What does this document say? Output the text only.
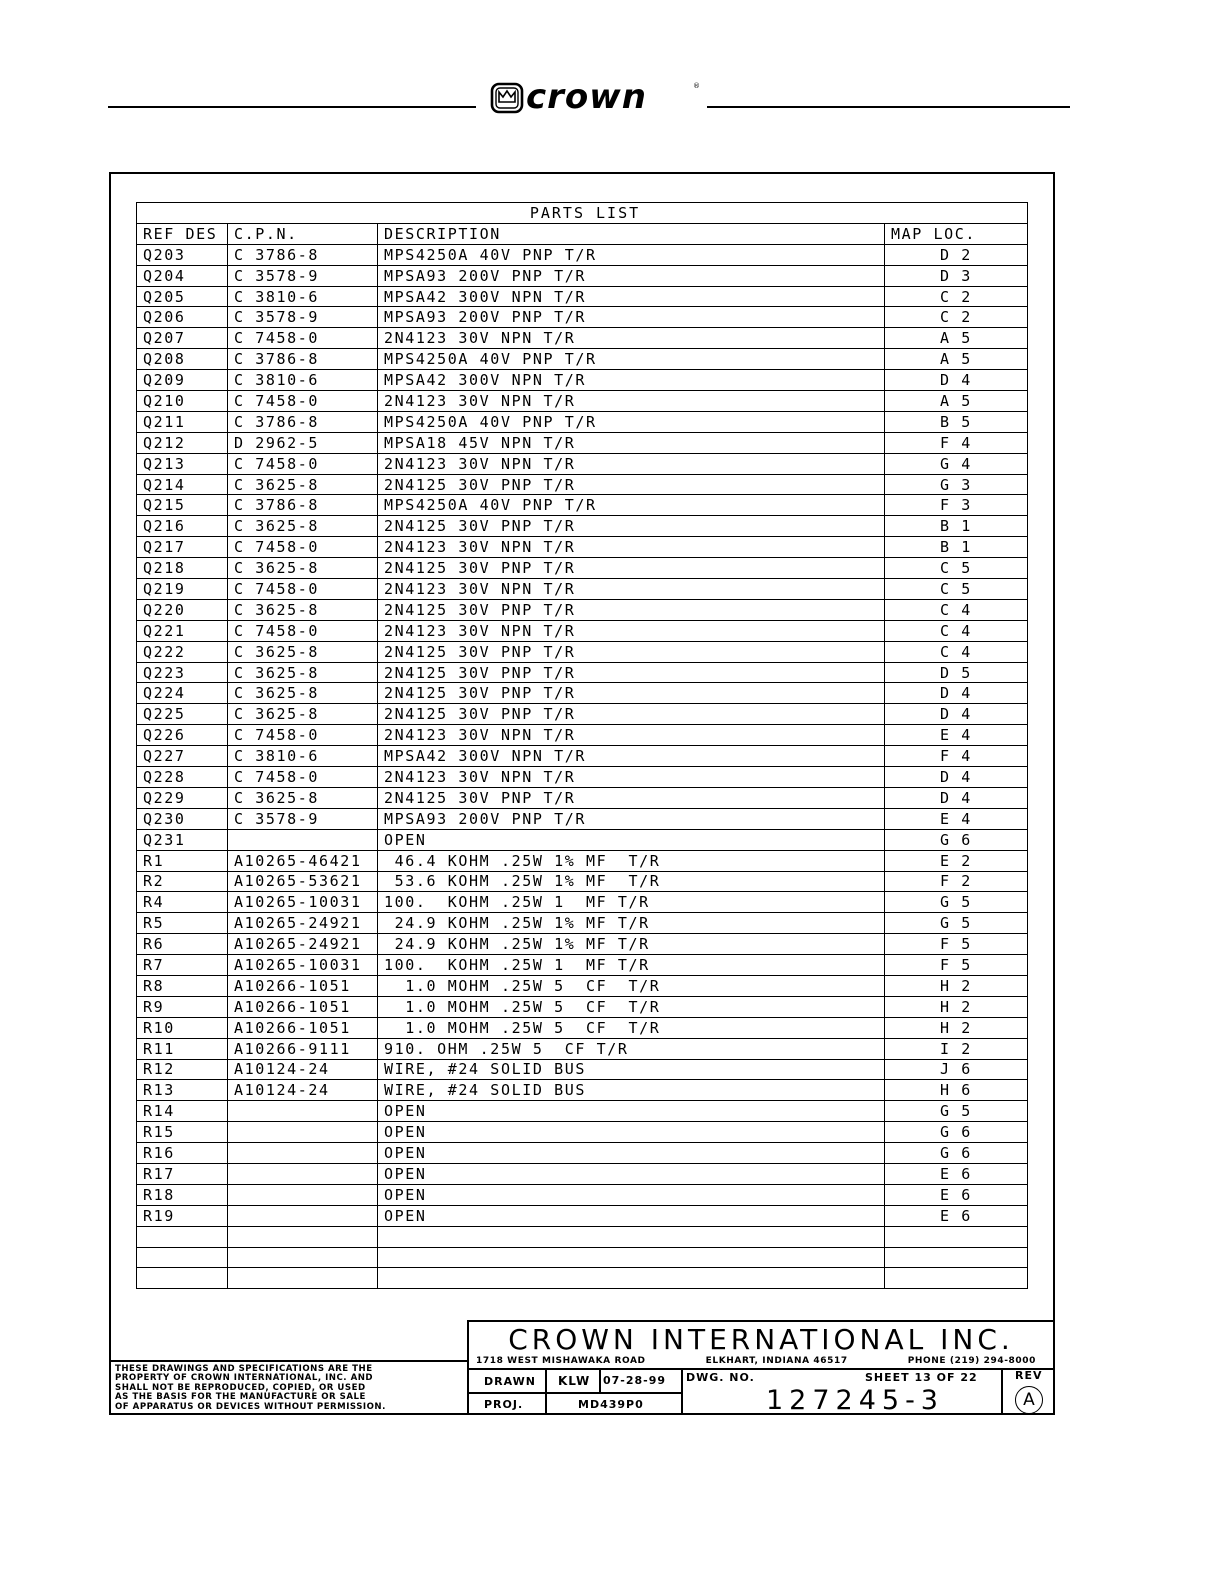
crown	®
PARTS LIST			
REF DES	C.P.N.	DESCRIPTION	MAP LOC.
Q203	C 3786-8	MPS4250A 40V PNP T/R	D 2
Q204	C 3578-9	MPSA93 200V PNP T/R	D 3
Q205	C 3810-6	MPSA42 300V NPN T/R	C 2
Q206	C 3578-9	MPSA93 200V PNP T/R	C 2
Q207	C 7458-0	2N4123 30V NPN T/R	A 5
Q208	C 3786-8	MPS4250A 40V PNP T/R	A 5
Q209	C 3810-6	MPSA42 300V NPN T/R	D 4
Q210	C 7458-0	2N4123 30V NPN T/R	A 5
Q211	C 3786-8	MPS4250A 40V PNP T/R	B 5
Q212	D 2962-5	MPSA18 45V NPN T/R	F 4
Q213	C 7458-0	2N4123 30V NPN T/R	G 4
Q214	C 3625-8	2N4125 30V PNP T/R	G 3
Q215	C 3786-8	MPS4250A 40V PNP T/R	F 3
Q216	C 3625-8	2N4125 30V PNP T/R	B 1
Q217	C 7458-0	2N4123 30V NPN T/R	B 1
Q218	C 3625-8	2N4125 30V PNP T/R	C 5
Q219	C 7458-0	2N4123 30V NPN T/R	C 5
Q220	C 3625-8	2N4125 30V PNP T/R	C 4
Q221	C 7458-0	2N4123 30V NPN T/R	C 4
Q222	C 3625-8	2N4125 30V PNP T/R	C 4
Q223	C 3625-8	2N4125 30V PNP T/R	D 5
Q224	C 3625-8	2N4125 30V PNP T/R	D 4
Q225	C 3625-8	2N4125 30V PNP T/R	D 4
Q226	C 7458-0	2N4123 30V NPN T/R	E 4
Q227	C 3810-6	MPSA42 300V NPN T/R	F 4
Q228	C 7458-0	2N4123 30V NPN T/R	D 4
Q229	C 3625-8	2N4125 30V PNP T/R	D 4
Q230	C 3578-9	MPSA93 200V PNP T/R	E 4
Q231		OPEN	G 6
R1	A10265-46421	46.4 KOHM .25W 1% MF  T/R	E 2
R2	A10265-53621	53.6 KOHM .25W 1% MF  T/R	F 2
R4	A10265-10031	100.  KOHM .25W 1  MF T/R	G 5
R5	A10265-24921	24.9 KOHM .25W 1% MF T/R	G 5
R6	A10265-24921	24.9 KOHM .25W 1% MF T/R	F 5
R7	A10265-10031	100.  KOHM .25W 1  MF T/R	F 5
R8	A10266-1051	1.0 MOHM .25W 5  CF  T/R	H 2
R9	A10266-1051	1.0 MOHM .25W 5  CF  T/R	H 2
R10	A10266-1051	1.0 MOHM .25W 5  CF  T/R	H 2
R11	A10266-9111	910. OHM .25W 5  CF T/R	I 2
R12	A10124-24	WIRE, #24 SOLID BUS	J 6
R13	A10124-24	WIRE, #24 SOLID BUS	H 6
R14		OPEN	G 5
R15		OPEN	G 6
R16		OPEN	G 6
R17		OPEN	E 6
R18		OPEN	E 6
R19		OPEN	E 6

THESE DRAWINGS AND SPECIFICATIONS ARE THE
PROPERTY OF CROWN INTERNATIONAL, INC. AND
SHALL NOT BE REPRODUCED, COPIED, OR USED
AS THE BASIS FOR THE MANUFACTURE OR SALE
OF APPARATUS OR DEVICES WITHOUT PERMISSION.
CROWN INTERNATIONAL INC.
1718 WEST MISHAWAKA ROAD	ELKHART, INDIANA 46517	PHONE (219) 294-8000
DRAWN KLW 07-28-99 DWG. NO.	SHEET 13 OF 22	REV
A
PROJ.	MD439P0	127245-3
